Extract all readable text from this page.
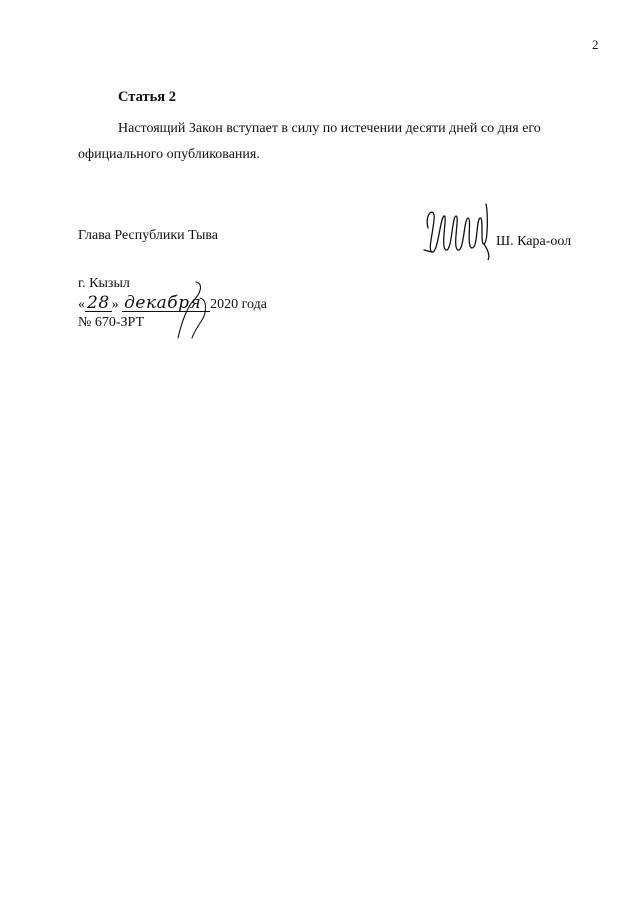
2
Статья 2
Настоящий Закон вступает в силу по истечении десяти дней со дня его
официального опубликования.
Глава Республики Тыва	Ш. Кара-оол
г. Кызыл
« 28 » декабря 2020 года
№ 670-ЗРТ
